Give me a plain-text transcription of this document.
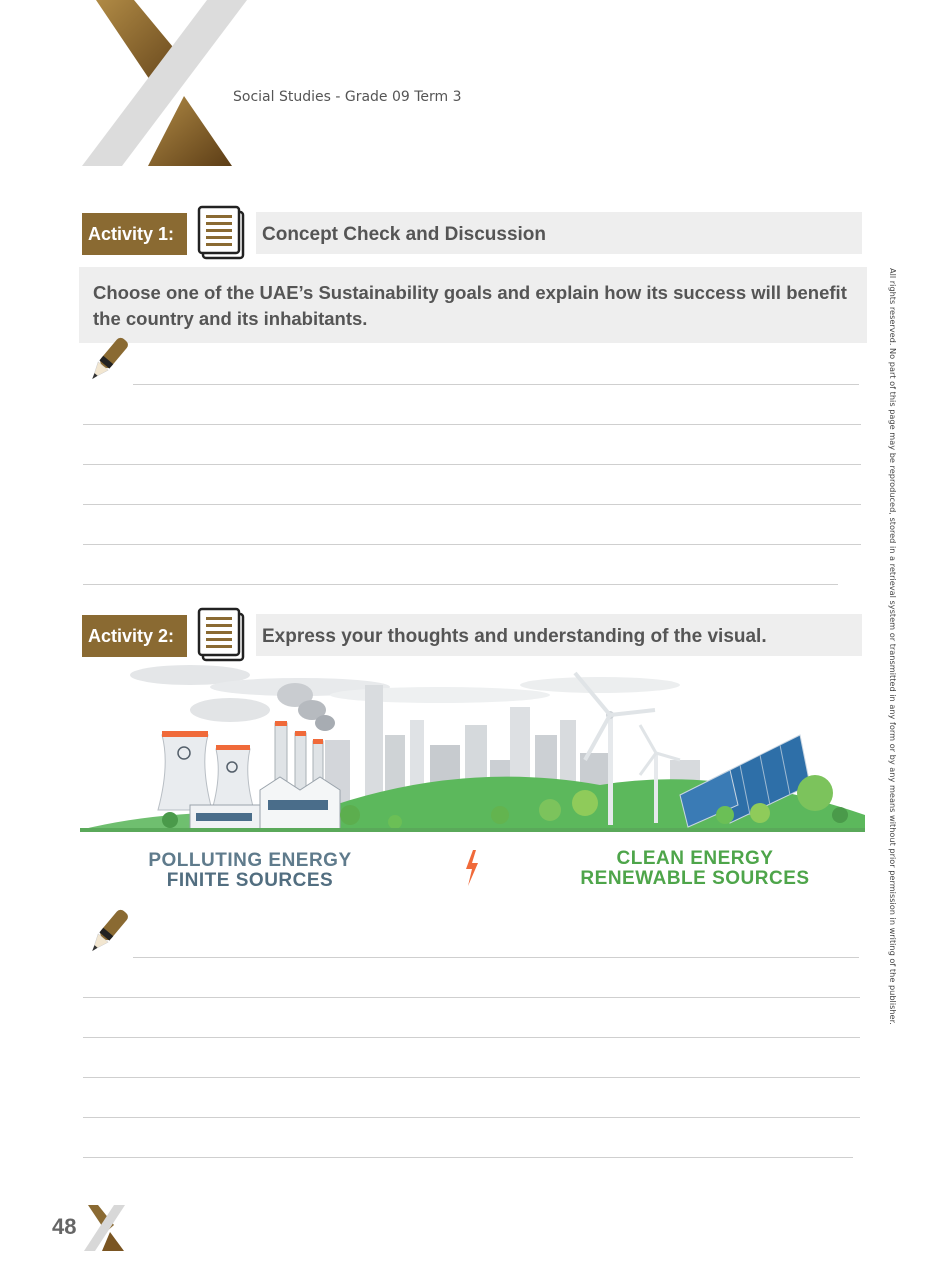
Social Studies - Grade 09 Term 3
All rights reserved. No part of this page may be reproduced, stored in a retrieval system or transmitted in any form or by any means without prior permission in writing of the publisher.
Activity 1:	Concept Check and Discussion
Choose one of the UAE’s Sustainability goals and explain how its success will benefit the country and its inhabitants.
Activity 2:	Express your thoughts and understanding of the visual.
POLLUTING ENERGY
FINITE SOURCES
CLEAN ENERGY
RENEWABLE SOURCES
48
